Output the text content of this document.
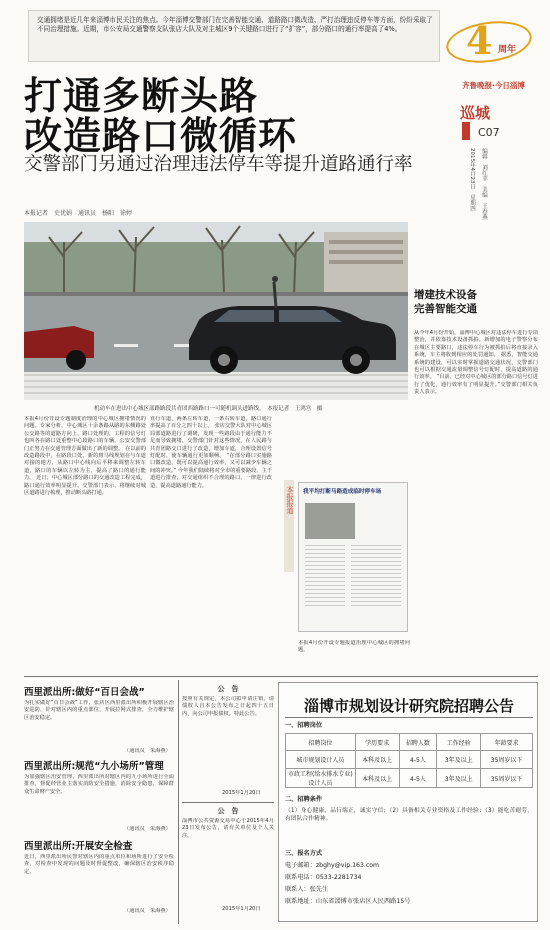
交通拥堵是近几年来淄博市民关注的焦点。今年淄博交警部门在完善智能交通、道路路口微改造、严打治理违反停车等方面，纷纷采取了不同治理措施。近期，市公安局交通警察支队张店大队及对主城区9个关键路口进行了“扩容”，部分路口的通行率提高了4%。	4 周年
齐鲁晚报·今日淄博
巡城
C07
2015年4月23日　星期四	编辑　刘红苹　美编　王春燕
打通多断头路
改造路口微循环
交警部门另通过治理违法停车等提升道路通行率
本报记者　史优娟　通讯员　杨阳　徐婷
机动车在进出中心城区部路路段共青团西路路口一可随机调头进路线。　本报记者　王鸿宫　摄
本报4月份开设专题制度治理的中心城区拥堵情况的问题。专家分析，中心城区十余条路从路的东侧路处公交路等的道路方向上，路口处理的，工程的信号灯也叫各在路口处重整中心段路口的车辆，公安交警部门正努力在交通管理方面做出了新的调整。 在以前的改造路段中，在路段口处，新的斑马线规划在与车道对接的地方，从路口中心线向后平移来调整左转车道，路口的车辆以左转为主，提高了路口的通行能力。 近日，中心城区部分路口的交通改造工程完成，路口通行效率明显提升。交警部门表示，将继续对城区道路进行梳理，推动断头路打通。
直行车道，两条左转车道，一条右转车道，路口通行率提高了百分之四十以上。 张店交警大队对中心城区局部道路进行了调研，发现一些路段由于通行能力不足而导致拥堵，交警部门针对这些情况，在人民路与共青团路交口进行了改造，增加车道，合理设置信号灯配时，使车辆通行更加顺畅。 “在部分路口实施路口微改造，既可以提高通行效率，又可以减少车辆之间的冲突。” 今年我们陆续将对全市的重要路段、主干道进行排查，对交通组织不合理的路口，一律进行改造，提高道路通行能力。
本报报道 我平均打断马路造成临时停车场
本报4月份开设专题报道治理中心城区的拥堵问题。
增建技术设备
完善智能交通
从今年4月份开始，淄博中心城区对违法停车进行专项整治，并依靠技术设备抓拍。新增加的电子警察分布在城区主要路口，违法停车行为被抓拍后将直接录入系统，车主将收到相应的处罚通知。 据悉，智能交通系统的建设，可以实时掌握道路交通状况，交警部门也可以根据交通流量调整信号灯配时，提高道路的通行效率。 “目前，已经对中心城区的部分路口信号灯进行了优化，通行效率有了明显提升。”交警部门相关负责人表示。
西里派出所:做好“百日会战”
为扎实做好“百日会战”工作，张店区西里派出所积极开展辖区治安巡防，针对辖区内的重点部位，开展拉网式排查，全力维护辖区治安稳定。
（通讯员　朱海燕）
西里派出所:规范“九小场所”管理
为加强辖区治安管理，西里派出所对辖区内的九小场所进行全面排查，督促经营业主落实消防安全措施，消除安全隐患，保障群众生命财产安全。
（通讯员　朱海燕）
西里派出所:开展安全检查
近日，西里派出所民警对辖区内的重点单位和场所进行了安全检查，对检查中发现的问题及时督促整改，确保辖区治安秩序稳定。
（通讯员　朱海燕）
公　告
按照有关规定，本公司拟申请注销，请债权人自本公告发布之日起四十五日内，向公司申报债权。特此公告。
2015年1月20日
公　告
淄博市公共资源交易中心于2015年4月23日发布公告，请有关单位及个人关注。
2015年1月20日
淄博市规划设计研究院招聘公告
一、招聘岗位
招聘岗位	学历要求	招聘人数	工作经验	年龄要求
城市规划设计人员	本科及以上	4-5人	3年及以上	35周岁以下
市政工程(给水排水专业)设计人员	本科及以上	4-5人	3年及以上	35周岁以下
二、招聘条件
（1）身心健康，品行端正，诚实守信；（2）具备相关专业资格及工作经验；（3）能吃苦耐劳，有团队合作精神。
三、报名方式
电子邮箱：zbghy@vip.163.com
联系电话：0533-2281734
联系人：张先生
联系地址：山东省淄博市张店区人民西路15号
